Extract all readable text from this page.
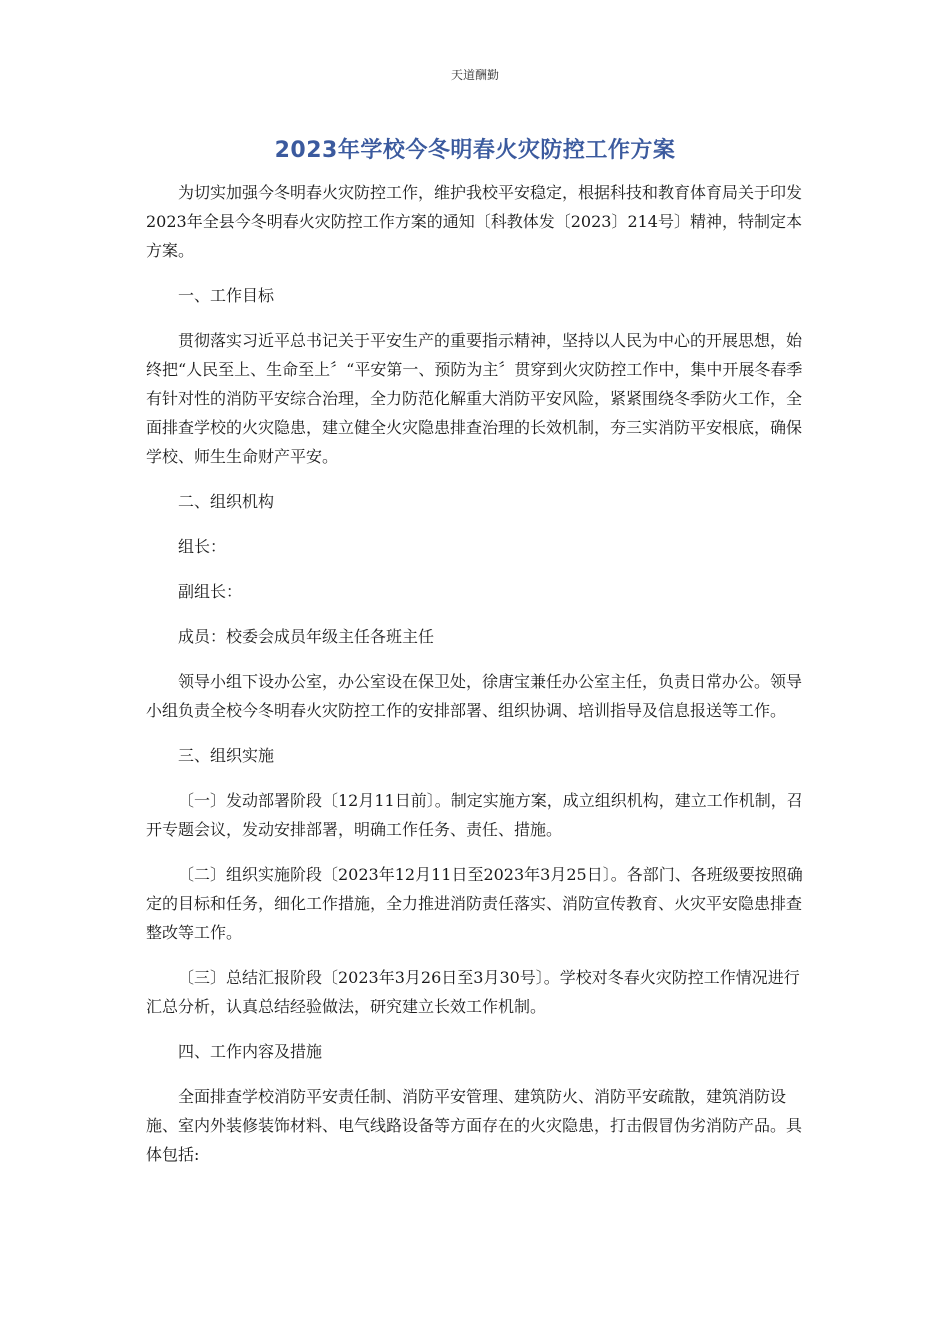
天道酬勤
2023年学校今冬明春火灾防控工作方案

为切实加强今冬明春火灾防控工作，维护我校平安稳定，根据科技和教育体育局关于印发2023年全县今冬明春火灾防控工作方案的通知〔科教体发〔2023〕214号〕精神，特制定本方案。

一、工作目标

贯彻落实习近平总书记关于平安生产的重要指示精神，坚持以人民为中心的开展思想，始终把“人民至上、生命至上〞“平安第一、预防为主〞贯穿到火灾防控工作中，集中开展冬春季有针对性的消防平安综合治理，全力防范化解重大消防平安风险，紧紧围绕冬季防火工作，全面排查学校的火灾隐患，建立健全火灾隐患排查治理的长效机制，夯三实消防平安根底，确保学校、师生生命财产平安。

二、组织机构

组长：

副组长：

成员：校委会成员年级主任各班主任

领导小组下设办公室，办公室设在保卫处，徐唐宝兼任办公室主任，负责日常办公。领导小组负责全校今冬明春火灾防控工作的安排部署、组织协调、培训指导及信息报送等工作。

三、组织实施

〔一〕发动部署阶段〔12月11日前〕。制定实施方案，成立组织机构，建立工作机制，召开专题会议，发动安排部署，明确工作任务、责任、措施。

〔二〕组织实施阶段〔2023年12月11日至2023年3月25日〕。各部门、各班级要按照确定的目标和任务，细化工作措施，全力推进消防责任落实、消防宣传教育、火灾平安隐患排查整改等工作。

〔三〕总结汇报阶段〔2023年3月26日至3月30号〕。学校对冬春火灾防控工作情况进行汇总分析，认真总结经验做法，研究建立长效工作机制。

四、工作内容及措施

全面排查学校消防平安责任制、消防平安管理、建筑防火、消防平安疏散，建筑消防设施、室内外装修装饰材料、电气线路设备等方面存在的火灾隐患，打击假冒伪劣消防产品。具体包括:
